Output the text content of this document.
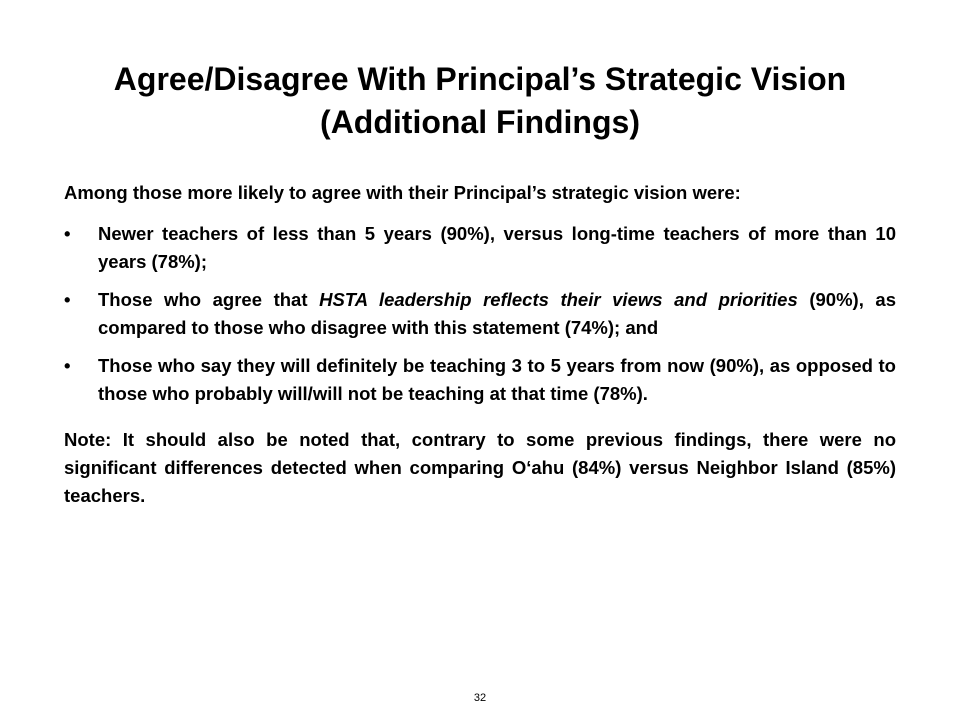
Agree/Disagree With Principal’s Strategic Vision
(Additional Findings)

Among those more likely to agree with their Principal’s strategic vision were:

• Newer teachers of less than 5 years (90%), versus long-time teachers of more than 10 years (78%);
• Those who agree that HSTA leadership reflects their views and priorities (90%), as compared to those who disagree with this statement (74%); and
• Those who say they will definitely be teaching 3 to 5 years from now (90%), as opposed to those who probably will/will not be teaching at that time (78%).

Note: It should also be noted that, contrary to some previous findings, there were no significant differences detected when comparing O‘ahu (84%) versus Neighbor Island (85%) teachers.

32
